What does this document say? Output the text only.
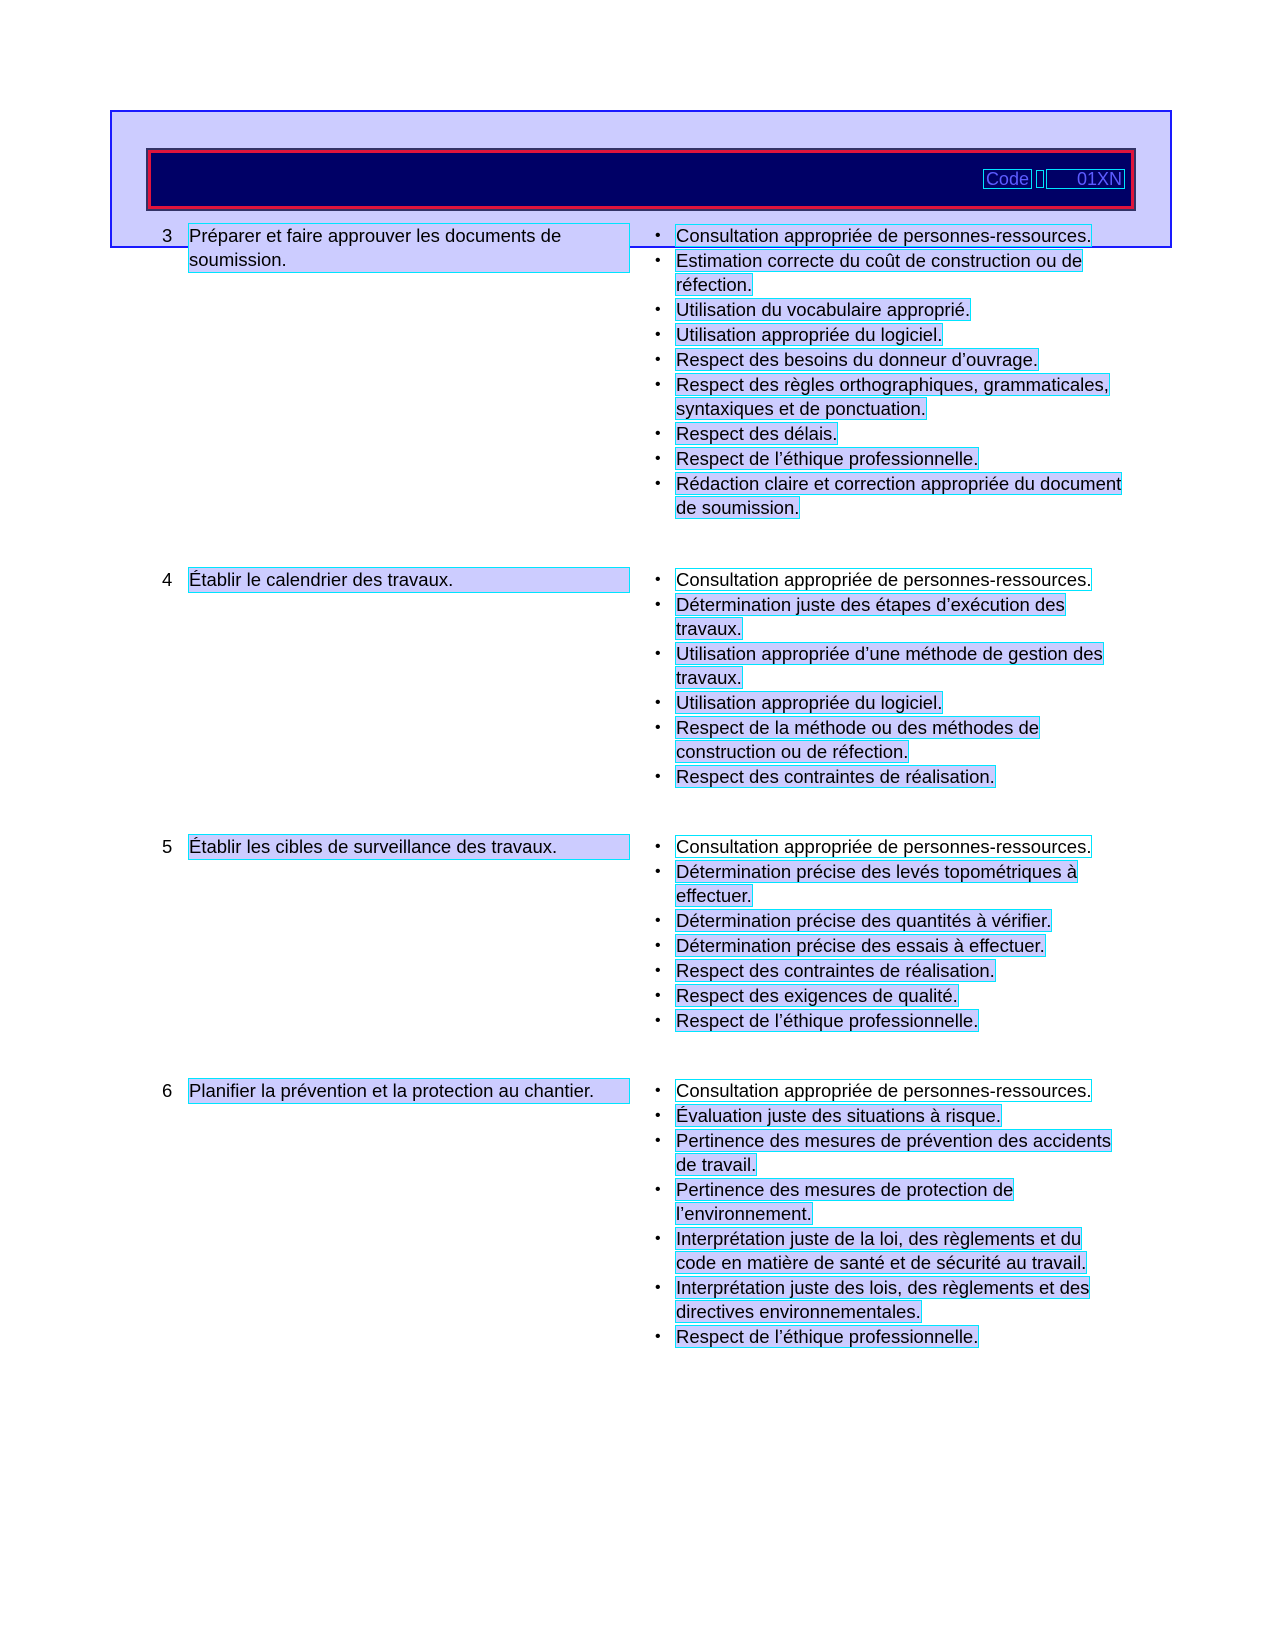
Code	01XN
3 Préparer et faire approuver les documents de soumission.
• Consultation appropriée de personnes-ressources.
• Estimation correcte du coût de construction ou de réfection.
• Utilisation du vocabulaire approprié.
• Utilisation appropriée du logiciel.
• Respect des besoins du donneur d’ouvrage.
• Respect des règles orthographiques, grammaticales, syntaxiques et de ponctuation.
• Respect des délais.
• Respect de l’éthique professionnelle.
• Rédaction claire et correction appropriée du document de soumission.
4 Établir le calendrier des travaux.	• Consultation appropriée de personnes-ressources.
• Détermination juste des étapes d’exécution des travaux.
• Utilisation appropriée d’une méthode de gestion des travaux.
• Utilisation appropriée du logiciel.
• Respect de la méthode ou des méthodes de construction ou de réfection.
• Respect des contraintes de réalisation.
5 Établir les cibles de surveillance des travaux.	• Consultation appropriée de personnes-ressources.
• Détermination précise des levés topométriques à effectuer.
• Détermination précise des quantités à vérifier.
• Détermination précise des essais à effectuer.
• Respect des contraintes de réalisation.
• Respect des exigences de qualité.
• Respect de l’éthique professionnelle.
6 Planifier la prévention et la protection au chantier.	• Consultation appropriée de personnes-ressources.
• Évaluation juste des situations à risque.
• Pertinence des mesures de prévention des accidents de travail.
• Pertinence des mesures de protection de l’environnement.
• Interprétation juste de la loi, des règlements et du code en matière de santé et de sécurité au travail.
• Interprétation juste des lois, des règlements et des directives environnementales.
• Respect de l’éthique professionnelle.
